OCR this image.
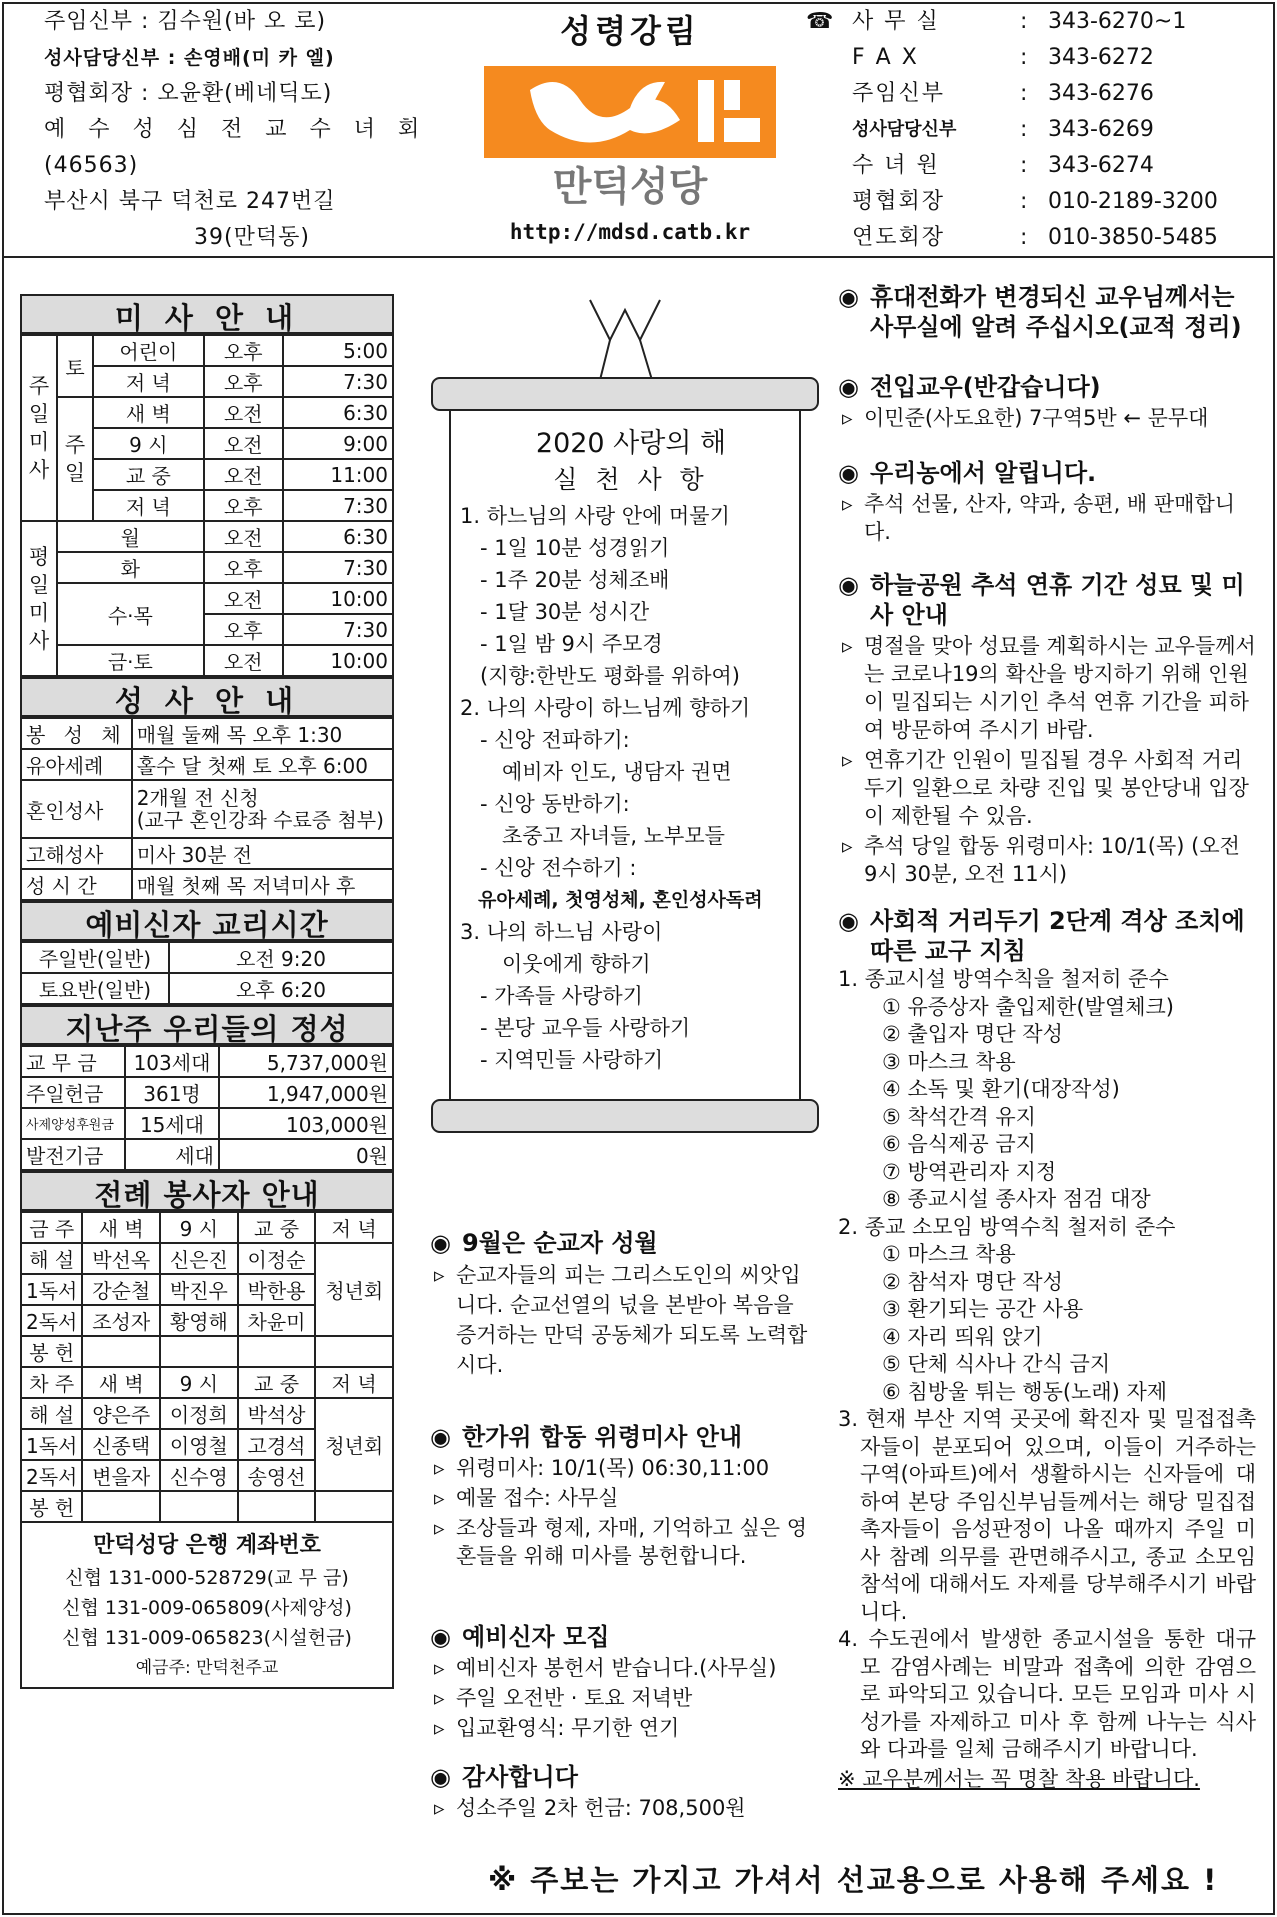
주임신부 : 김수원(바 오 로)
성사담당신부 : 손영배(미 카 엘)
평협회장 : 오윤환(베네딕도)
예 수 성 심 전 교 수 녀 회
(46563)
부산시 북구 덕천로 247번길
39(만덕동)
성령강림
만덕성당
http://mdsd.catb.kr
☎ 사 무 실	: 343-6270~1
F A X	: 343-6272
주임신부	: 343-6276
성사담당신부	: 343-6269
수 녀 원	: 343-6274
평협회장	: 010-2189-3200
연도회장	: 010-3850-5485
미 사 안 내
주일미사	토	어린이	오후	5:00
		저 녁	오후	7:30
	주일	새 벽	오전	6:30
		9 시	오전	9:00
		교 중	오전	11:00
		저 녁	오후	7:30
평일미사	월		오전	6:30
	화		오후	7:30
	수·목		오전	10:00
			오후	7:30
	금·토		오전	10:00
성 사 안 내
봉 성 체	매월 둘째 목 오후 1:30
유아세례	홀수 달 첫째 토 오후 6:00
혼인성사	2개월 전 신청
(교구 혼인강좌 수료증 첨부)

고해성사	미사 30분 전
성 시 간	매월 첫째 목 저녁미사 후
예비신자 교리시간
주일반(일반)	오전 9:20
토요반(일반)	오후 6:20
지난주 우리들의 정성
교 무 금	103세대	5,737,000원
주일헌금	361명	1,947,000원
사제양성후원금	15세대	103,000원
발전기금	세대	0원
전례 봉사자 안내
금 주	새 벽	9 시	교 중	저 녁
해 설	박선옥	신은진	이정순	청년회
1독서	강순철	박진우	박한용	
2독서	조성자	황영해	차윤미	
봉 헌				
차 주	새 벽	9 시	교 중	저 녁
해 설	양은주	이정희	박석상	청년회
1독서	신종택	이영철	고경석	
2독서	변을자	신수영	송영선	
봉 헌				
만덕성당 은행 계좌번호
신협 131-000-528729(교 무 금)
신협 131-009-065809(사제양성)
신협 131-009-065823(시설헌금)
예금주: 만덕천주교
2020 사랑의 해
실 천 사 항
1. 하느님의 사랑 안에 머물기
- 1일 10분 성경읽기
- 1주 20분 성체조배
- 1달 30분 성시간
- 1일 밤 9시 주모경
(지향:한반도 평화를 위하여)
2. 나의 사랑이 하느님께 향하기
- 신앙 전파하기:
예비자 인도, 냉담자 권면
- 신앙 동반하기:
초중고 자녀들, 노부모들
- 신앙 전수하기 :
유아세례, 첫영성체, 혼인성사독려
3. 나의 하느님 사랑이
이웃에게 향하기
- 가족들 사랑하기
- 본당 교우들 사랑하기
- 지역민들 사랑하기
◉ 9월은 순교자 성월
▹ 순교자들의 피는 그리스도인의 씨앗입니다. 순교선열의 넋을 본받아 복음을 증거하는 만덕 공동체가 되도록 노력합시다.
◉ 한가위 합동 위령미사 안내
▹ 위령미사: 10/1(목) 06:30,11:00
▹ 예물 접수: 사무실
▹ 조상들과 형제, 자매, 기억하고 싶은 영혼들을 위해 미사를 봉헌합니다.
◉ 예비신자 모집
▹ 예비신자 봉헌서 받습니다.(사무실)
▹ 주일 오전반 · 토요 저녁반
▹ 입교환영식: 무기한 연기
◉ 감사합니다
▹ 성소주일 2차 헌금: 708,500원
◉ 휴대전화가 변경되신 교우님께서는 사무실에 알려 주십시오(교적 정리)
◉ 전입교우(반갑습니다)
▹ 이민준(사도요한) 7구역5반 ← 문무대
◉ 우리농에서 알립니다.
▹ 추석 선물, 산자, 약과, 송편, 배 판매합니다.
◉ 하늘공원 추석 연휴 기간 성묘 및 미사 안내
▹ 명절을 맞아 성묘를 계획하시는 교우들께서는 코로나19의 확산을 방지하기 위해 인원이 밀집되는 시기인 추석 연휴 기간을 피하여 방문하여 주시기 바람.
▹ 연휴기간 인원이 밀집될 경우 사회적 거리두기 일환으로 차량 진입 및 봉안당내 입장이 제한될 수 있음.
▹ 추석 당일 합동 위령미사: 10/1(목) (오전 9시 30분, 오전 11시)
◉ 사회적 거리두기 2단계 격상 조치에 따른 교구 지침
1. 종교시설 방역수칙을 철저히 준수
① 유증상자 출입제한(발열체크)
② 출입자 명단 작성
③ 마스크 착용
④ 소독 및 환기(대장작성)
⑤ 착석간격 유지
⑥ 음식제공 금지
⑦ 방역관리자 지정
⑧ 종교시설 종사자 점검 대장
2. 종교 소모임 방역수칙 철저히 준수
① 마스크 착용
② 참석자 명단 작성
③ 환기되는 공간 사용
④ 자리 띄워 앉기
⑤ 단체 식사나 간식 금지
⑥ 침방울 튀는 행동(노래) 자제
3. 현재 부산 지역 곳곳에 확진자 및 밀접접촉자들이 분포되어 있으며, 이들이 거주하는 구역(아파트)에서 생활하시는 신자들에 대하여 본당 주임신부님들께서는 해당 밀집접촉자들이 음성판정이 나올 때까지 주일 미사 참례 의무를 관면해주시고, 종교 소모임 참석에 대해서도 자제를 당부해주시기 바랍니다.
4. 수도권에서 발생한 종교시설을 통한 대규모 감염사례는 비말과 접촉에 의한 감염으로 파악되고 있습니다. 모든 모임과 미사 시 성가를 자제하고 미사 후 함께 나누는 식사와 다과를 일체 금해주시기 바랍니다.
※ 교우분께서는 꼭 명찰 착용 바랍니다.
※ 주보는 가지고 가셔서 선교용으로 사용해 주세요 !
